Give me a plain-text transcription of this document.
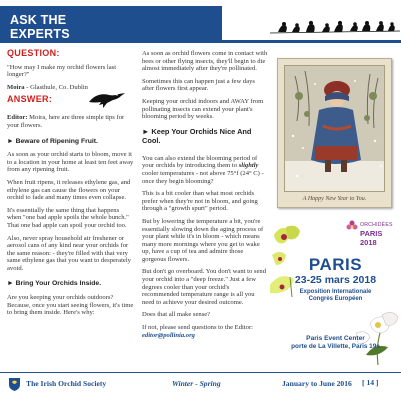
ASK THE
EXPERTS
QUESTION:

"How may I make my orchid flowers last longer?"

Moira - Glasthule, Co. Dublin

ANSWER:

Editor: Moira, here are three simple tips for your flowers.

► Beware of Ripening Fruit.

As soon as your orchid starts to bloom, move it to a location in your home at least ten feet away from any ripening fruit.

When fruit ripens, it releases ethylene gas, and ethylene gas can cause the flowers on your orchid to fade and many times even collapse.

It's essentially the same thing that happens when "one bad apple spoils the whole bunch." That one bad apple can spoil your orchid too.

Also, never spray household air freshener or aerosol cans of any kind near your orchids for the same reason: - they're filled with that very same ethylene gas that you want to desperately avoid.

► Bring Your Orchids Inside.

Are you keeping your orchids outdoors? Because, once you start seeing flowers, it's time to bring them inside. Here's why:

As soon as orchid flowers come in contact with bees or other flying insects, they'll begin to die almost immediately after they're pollinated.

Sometimes this can happen just a few days after flowers first appear.

Keeping your orchid indoors and AWAY from pollinating insects can extend your plant's blooming period by weeks.

► Keep Your Orchids Nice And Cool.

You can also extend the blooming period of your orchids by introducing them to slightly cooler temperatures - not above 75°f (24° C) - once they begin blooming?

This is a bit cooler than what most orchids prefer when they're not in bloom, and going through a "growth spurt" period.

But by lowering the temperature a bit, you're essentially slowing down the aging process of your plant while it's in bloom - which means many more mornings where you get to wake up, have a cup of tea and admire those gorgeous flowers.

But don't go overboard. You don't want to send your orchid into a "deep freeze." Just a few degrees cooler than your orchid's recommended temperature range is all you need to achieve your desired outcome.

Does that all make sense?

If not, please send questions to the Editor: editor@pollinia.org

A Happy New Year to You.
ORCHIDÉES
PARIS 2018
PARIS
23-25 mars 2018
Exposition Internationale
Congrès Européen
Paris Event Center
porte de La Villette, Paris 19e
The Irish Orchid Society	Winter - Spring	January to June 2016 [ 14 ]
